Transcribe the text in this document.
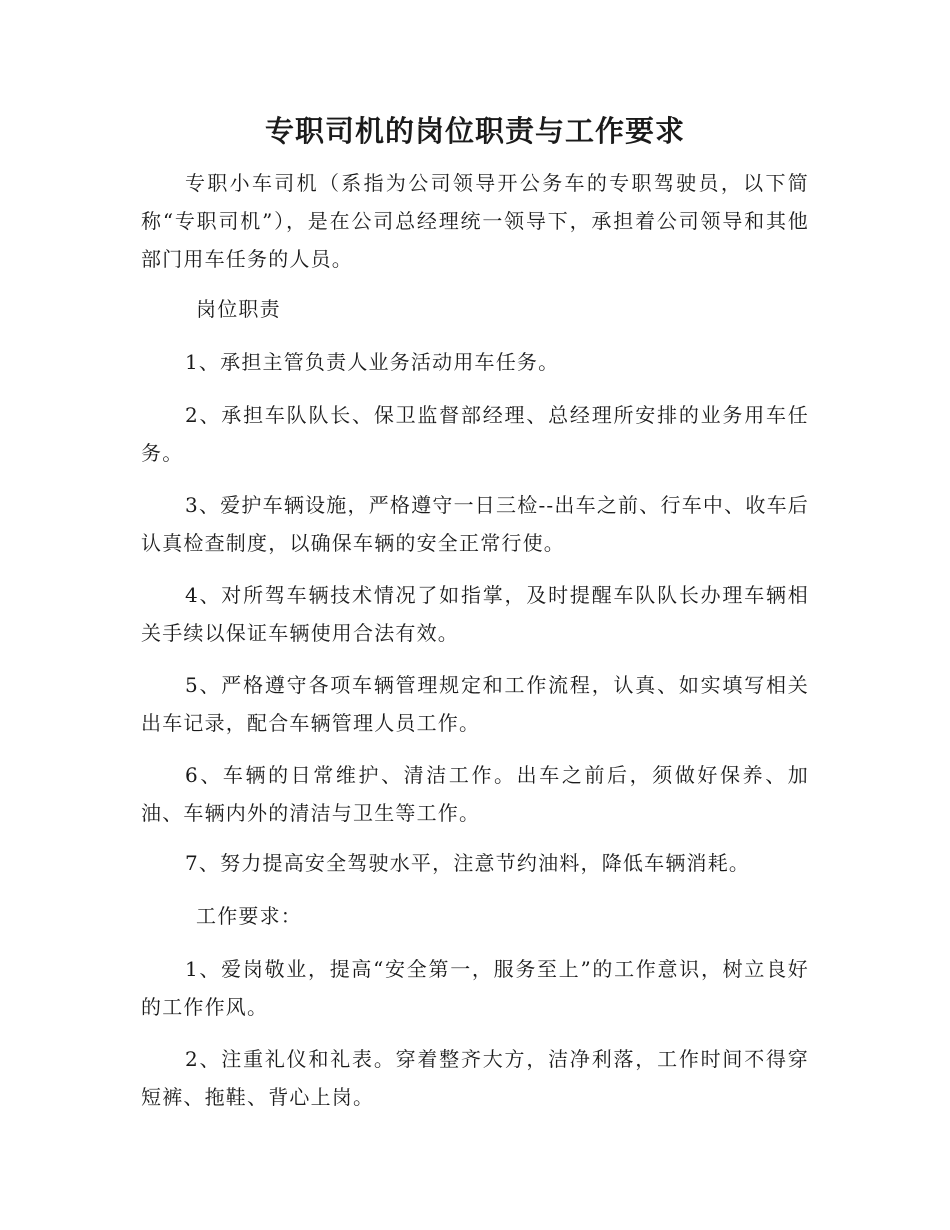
专职司机的岗位职责与工作要求

专职小车司机（系指为公司领导开公务车的专职驾驶员，以下简称“专职司机”），是在公司总经理统一领导下，承担着公司领导和其他部门用车任务的人员。

岗位职责

1、承担主管负责人业务活动用车任务。

2、承担车队队长、保卫监督部经理、总经理所安排的业务用车任务。

3、爱护车辆设施，严格遵守一日三检--出车之前、行车中、收车后认真检查制度，以确保车辆的安全正常行使。

4、对所驾车辆技术情况了如指掌，及时提醒车队队长办理车辆相关手续以保证车辆使用合法有效。

5、严格遵守各项车辆管理规定和工作流程，认真、如实填写相关出车记录，配合车辆管理人员工作。

6、车辆的日常维护、清洁工作。出车之前后，须做好保养、加油、车辆内外的清洁与卫生等工作。

7、努力提高安全驾驶水平，注意节约油料，降低车辆消耗。

工作要求：

1、爱岗敬业，提高“安全第一，服务至上”的工作意识，树立良好的工作作风。

2、注重礼仪和礼表。穿着整齐大方，洁净利落，工作时间不得穿短裤、拖鞋、背心上岗。
